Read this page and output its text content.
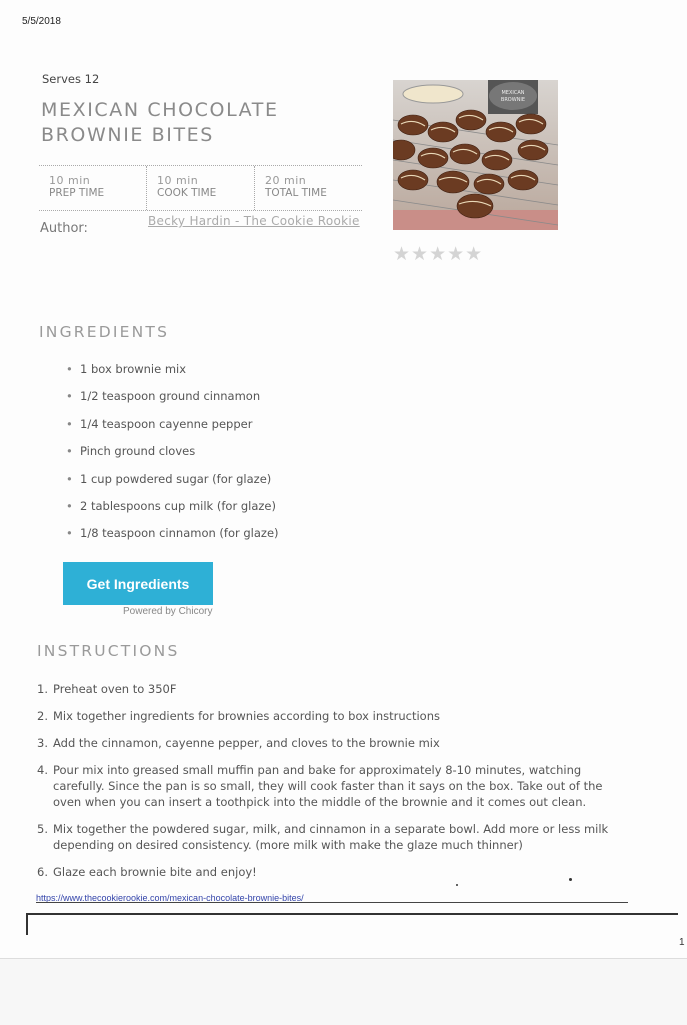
5/5/2018
Serves 12
MEXICAN CHOCOLATE
BROWNIE BITES
10 min
PREP TIME
10 min
COOK TIME
20 min
TOTAL TIME
Author:	Becky Hardin - The Cookie Rookie
MEXICAN
BROWNIE
★★★★★
INGREDIENTS
• 1 box brownie mix
• 1/2 teaspoon ground cinnamon
• 1/4 teaspoon cayenne pepper
• Pinch ground cloves
• 1 cup powdered sugar (for glaze)
• 2 tablespoons cup milk (for glaze)
• 1/8 teaspoon cinnamon (for glaze)
Get Ingredients
Powered by Chicory
INSTRUCTIONS
1. Preheat oven to 350F
2. Mix together ingredients for brownies according to box instructions
3. Add the cinnamon, cayenne pepper, and cloves to the brownie mix
4. Pour mix into greased small muffin pan and bake for approximately 8-10 minutes, watching carefully. Since the pan is so small, they will cook faster than it says on the box. Take out of the oven when you can insert a toothpick into the middle of the brownie and it comes out clean.
5. Mix together the powdered sugar, milk, and cinnamon in a separate bowl. Add more or less milk depending on desired consistency. (more milk with make the glaze much thinner)
6. Glaze each brownie bite and enjoy!
https://www.thecookierookie.com/mexican-chocolate-brownie-bites/
1
